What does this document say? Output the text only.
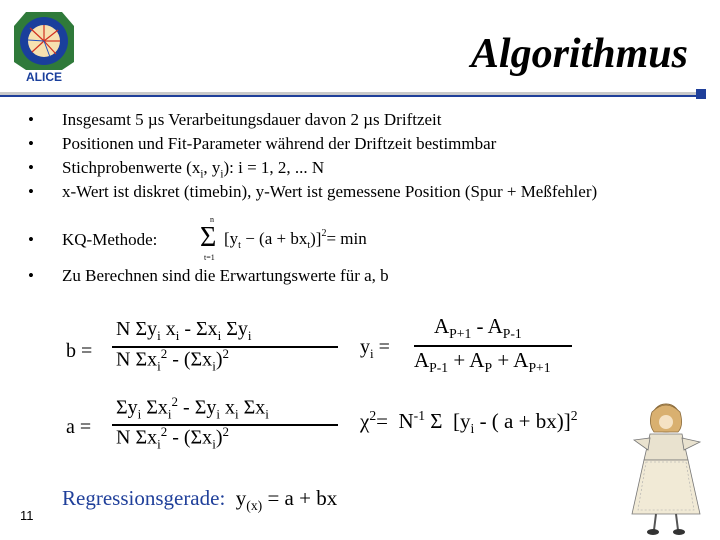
ALICE	Algorithmus
• Insgesamt 5 µs Verarbeitungsdauer davon 2 µs Driftzeit
• Positionen und Fit-Parameter während der Driftzeit bestimmbar
• Stichprobenwerte ($x_i$, $y_i$): i = 1, 2, ... N
• x-Wert ist diskret (timebin), y-Wert ist gemessene Position (Spur + Meßfehler)
• KQ-Methode:
n
Σ
t=1
$[y_t - (a + bx_t)]^2= \min$
• Zu Berechnen sind die Erwartungswerte für a, b
b =
N $\Sigma y_i$ $x_i - \Sigma x_i$ $\Sigma y_i$
N $\Sigma x_i^2 - (\Sigma x_i)^2$
a =
$\Sigma y_i$ $\Sigma x_i^2 - \Sigma y_i$ $x_i$ $\Sigma x_i$
N $\Sigma x_i^2 - (\Sigma x_i)^2$
$y_i$ =
$A_{P+1} - A_{P-1}$
$A_{P-1} + A_P + A_{P+1}$
$\chi^2= N^{-1}$ Σ  [$y_i$ - ( a + bx)]$^2$
Regressionsgerade: $y_{(x)} = a$ + bx
11
